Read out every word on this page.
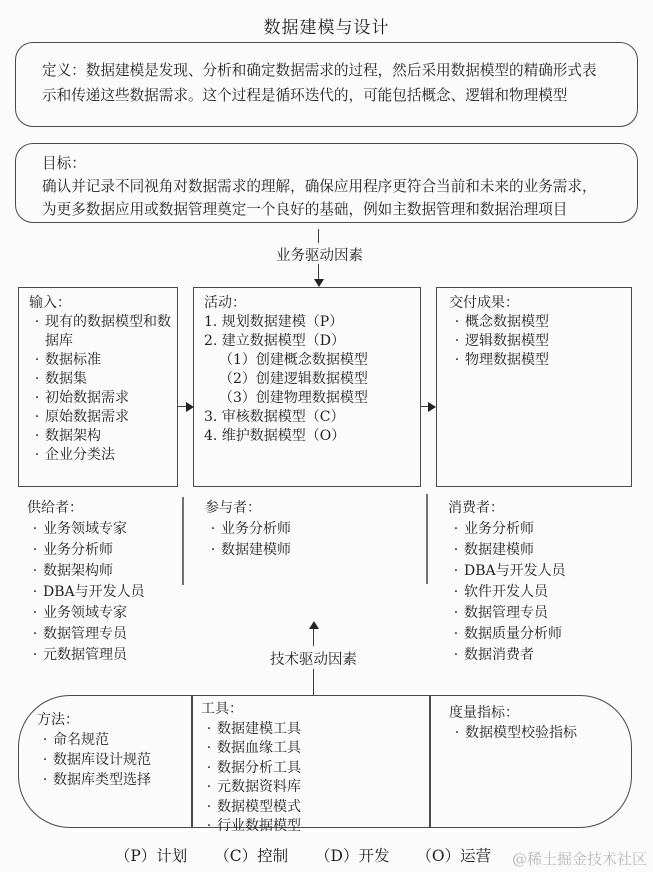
数据建模与设计

定义：数据建模是发现、分析和确定数据需求的过程，然后采用数据模型的精确形式表示和传递这些数据需求。这个过程是循环迭代的，可能包括概念、逻辑和物理模型

目标：

确认并记录不同视角对数据需求的理解，确保应用程序更符合当前和未来的业务需求，为更多数据应用或数据管理奠定一个良好的基础，例如主数据管理和数据治理项目

业务驱动因素
输入：
· 现有的数据模型和数据库
· 数据标准
· 数据集
· 初始数据需求
· 原始数据需求
· 数据架构
· 企业分类法
活动：
1. 规划数据建模（P）
2. 建立数据模型（D）
（1）创建概念数据模型
（2）创建逻辑数据模型
（3）创建物理数据模型
3. 审核数据模型（C）
4. 维护数据模型（O）
交付成果：
· 概念数据模型
· 逻辑数据模型
· 物理数据模型
供给者：
· 业务领域专家
· 业务分析师
· 数据架构师
· DBA与开发人员
· 业务领域专家
· 数据管理专员
· 元数据管理员
参与者：
· 业务分析师
· 数据建模师
消费者：
· 业务分析师
· 数据建模师
· DBA与开发人员
· 软件开发人员
· 数据管理专员
· 数据质量分析师
· 数据消费者
技术驱动因素
方法：
· 命名规范
· 数据库设计规范
· 数据库类型选择
工具：
· 数据建模工具
· 数据血缘工具
· 数据分析工具
· 元数据资料库
· 数据模型模式
· 行业数据模型
度量指标：
· 数据模型校验指标
（P）计划 （C）控制 （D）开发 （O）运营	@稀土掘金技术社区
